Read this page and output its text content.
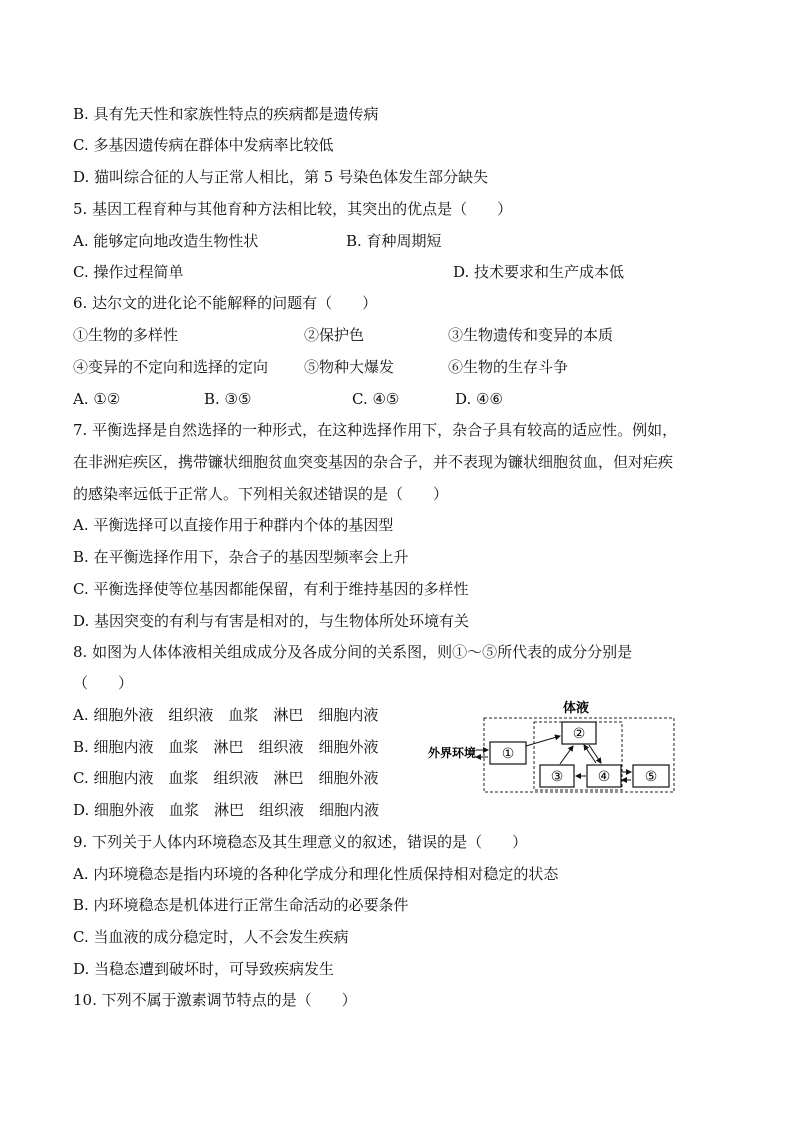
B. 具有先天性和家族性特点的疾病都是遗传病
C. 多基因遗传病在群体中发病率比较低
D. 猫叫综合征的人与正常人相比，第 5 号染色体发生部分缺失
5. 基因工程育种与其他育种方法相比较，其突出的优点是（　　）
A. 能够定向地改造生物性状	B. 育种周期短
C. 操作过程简单	D. 技术要求和生产成本低
6. 达尔文的进化论不能解释的问题有（　　）
①生物的多样性	②保护色	③生物遗传和变异的本质
④变异的不定向和选择的定向 ⑤物种大爆发	⑥生物的生存斗争
A. ①②	B. ③⑤	C. ④⑤	D. ④⑥
7. 平衡选择是自然选择的一种形式，在这种选择作用下，杂合子具有较高的适应性。例如，
在非洲疟疾区，携带镰状细胞贫血突变基因的杂合子，并不表现为镰状细胞贫血，但对疟疾
的感染率远低于正常人。下列相关叙述错误的是（　　）
A. 平衡选择可以直接作用于种群内个体的基因型
B. 在平衡选择作用下，杂合子的基因型频率会上升
C. 平衡选择使等位基因都能保留，有利于维持基因的多样性
D. 基因突变的有利与有害是相对的，与生物体所处环境有关
8. 如图为人体体液相关组成成分及各成分间的关系图，则①～⑤所代表的成分分别是
（　　）
A. 细胞外液　组织液　血浆　淋巴　细胞内液
B. 细胞内液　血浆　淋巴　组织液　细胞外液
C. 细胞内液　血浆　组织液　淋巴　细胞外液
D. 细胞外液　血浆　淋巴　组织液　细胞内液
体液
外界环境 ①
②
③ ④ ⑤
9. 下列关于人体内环境稳态及其生理意义的叙述，错误的是（　　）
A. 内环境稳态是指内环境的各种化学成分和理化性质保持相对稳定的状态
B. 内环境稳态是机体进行正常生命活动的必要条件
C. 当血液的成分稳定时，人不会发生疾病
D. 当稳态遭到破坏时，可导致疾病发生
10. 下列不属于激素调节特点的是（　　）
